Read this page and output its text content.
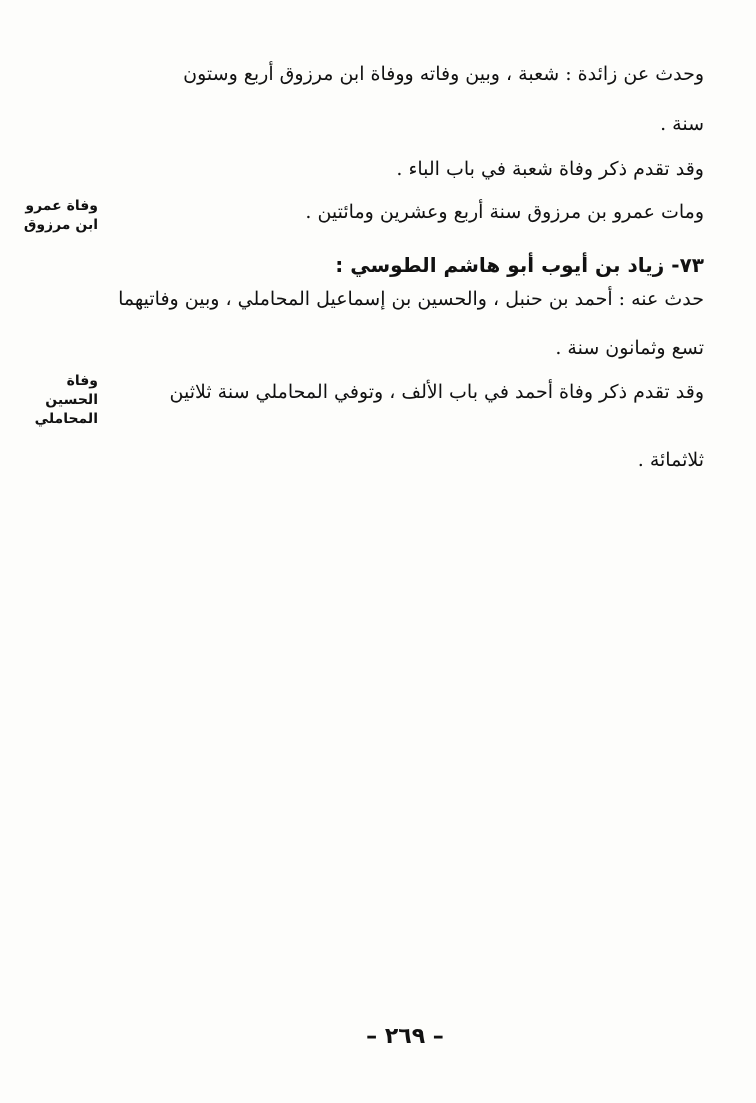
وحدث عن زائدة : شعبة ، وبين وفاته ووفاة ابن مرزوق أربع وستون
سنة .
وقد تقدم ذكر وفاة شعبة في باب الباء .
ومات عمرو بن مرزوق سنة أربع وعشرين ومائتين .
٧٣- زياد بن أيوب أبو هاشم الطوسي :
حدث عنه : أحمد بن حنبل ، والحسين بن إسماعيل المحاملي ، وبين وفاتيهما
تسع وثمانون سنة .
وقد تقدم ذكر وفاة أحمد في باب الألف ، وتوفي المحاملي سنة ثلاثين
ثلاثمائة .
وفاة عمرو
ابن مرزوق
وفاة
الحسين
المحاملي
– ٢٦٩ –
